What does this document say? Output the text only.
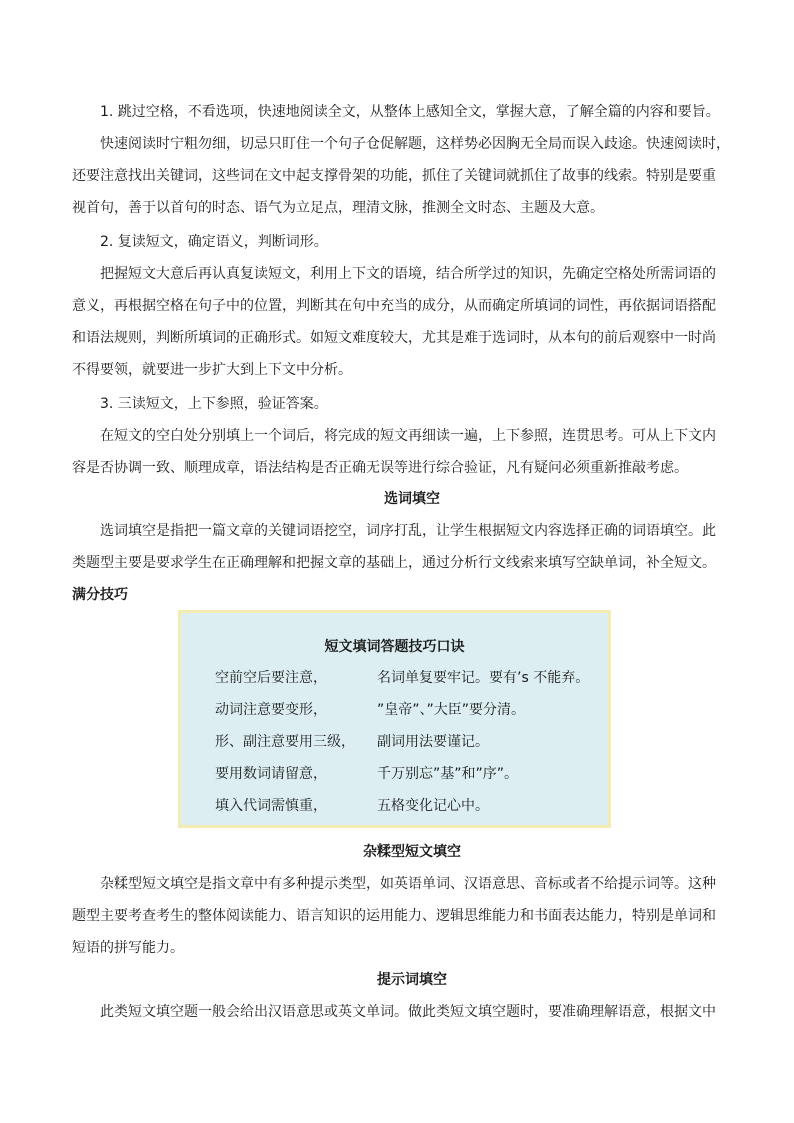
1. 跳过空格，不看选项，快速地阅读全文，从整体上感知全文，掌握大意，了解全篇的内容和要旨。
快速阅读时宁粗勿细，切忌只盯住一个句子仓促解题，这样势必因胸无全局而误入歧途。快速阅读时，
还要注意找出关键词，这些词在文中起支撑骨架的功能，抓住了关键词就抓住了故事的线索。特别是要重
视首句，善于以首句的时态、语气为立足点，理清文脉，推测全文时态、主题及大意。
2. 复读短文，确定语义，判断词形。
把握短文大意后再认真复读短文，利用上下文的语境，结合所学过的知识，先确定空格处所需词语的
意义，再根据空格在句子中的位置，判断其在句中充当的成分，从而确定所填词的词性，再依据词语搭配
和语法规则，判断所填词的正确形式。如短文难度较大，尤其是难于选词时，从本句的前后观察中一时尚
不得要领，就要进一步扩大到上下文中分析。
3. 三读短文，上下参照，验证答案。
在短文的空白处分别填上一个词后，将完成的短文再细读一遍，上下参照，连贯思考。可从上下文内
容是否协调一致、顺理成章，语法结构是否正确无误等进行综合验证，凡有疑问必须重新推敲考虑。

选词填空

选词填空是指把一篇文章的关键词语挖空，词序打乱，让学生根据短文内容选择正确的词语填空。此
类题型主要是要求学生在正确理解和把握文章的基础上，通过分析行文线索来填写空缺单词，补全短文。

满分技巧

短文填词答题技巧口诀
空前空后要注意，	名词单复要牢记。要有’s 不能弃。
动词注意要变形，	”皇帝”、”大臣”要分清。
形、副注意要用三级， 副词用法要谨记。
要用数词请留意，	千万别忘”基”和”序”。
填入代词需慎重，	五格变化记心中。

杂糅型短文填空

杂糅型短文填空是指文章中有多种提示类型，如英语单词、汉语意思、音标或者不给提示词等。这种
题型主要考查考生的整体阅读能力、语言知识的运用能力、逻辑思维能力和书面表达能力，特别是单词和
短语的拼写能力。

提示词填空

此类短文填空题一般会给出汉语意思或英文单词。做此类短文填空题时，要准确理解语意，根据文中
